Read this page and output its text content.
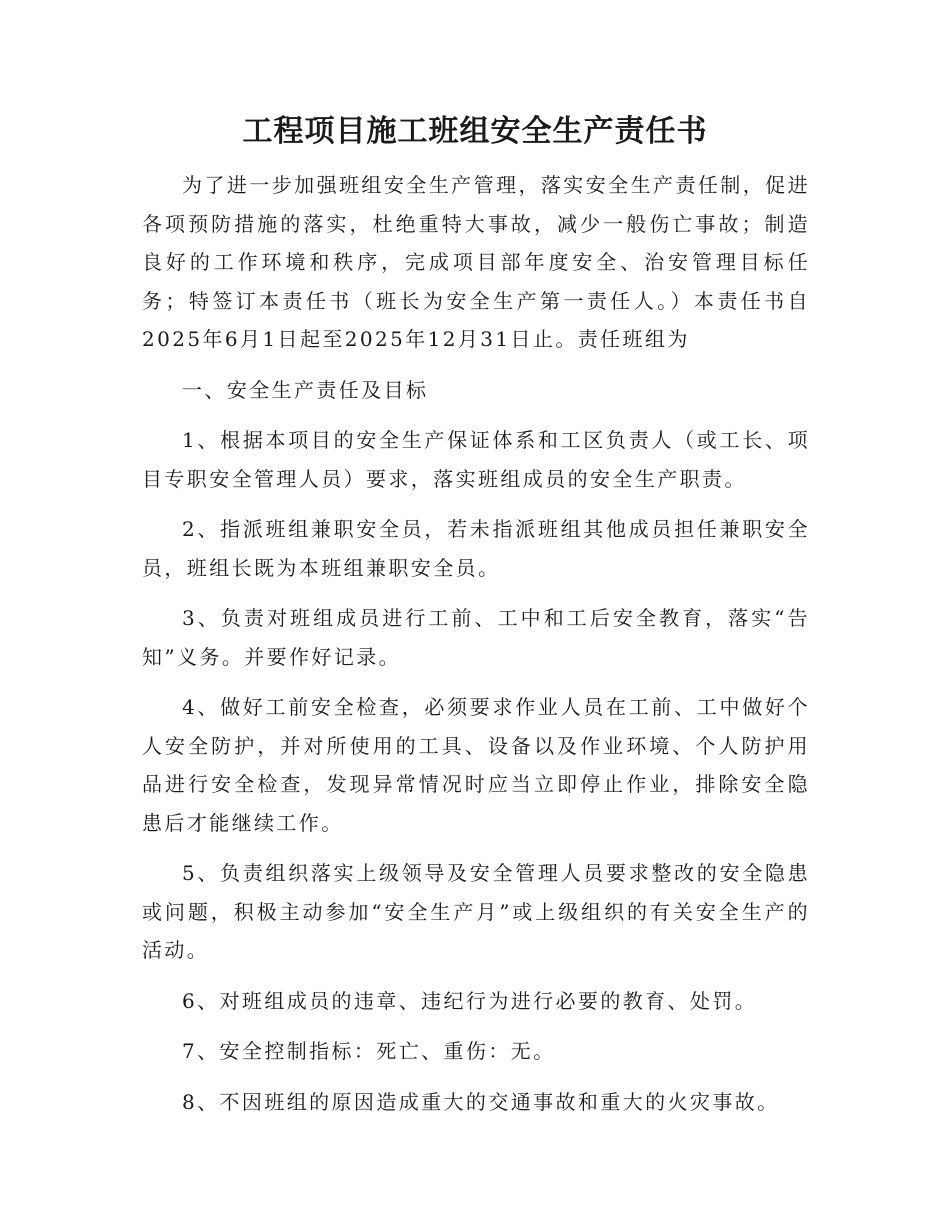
工程项目施工班组安全生产责任书

为了进一步加强班组安全生产管理，落实安全生产责任制，促进各项预防措施的落实，杜绝重特大事故，减少一般伤亡事故；制造良好的工作环境和秩序，完成项目部年度安全、治安管理目标任务；特签订本责任书（班长为安全生产第一责任人。）本责任书自2025年6月1日起至2025年12月31日止。责任班组为

一、安全生产责任及目标

1、根据本项目的安全生产保证体系和工区负责人（或工长、项目专职安全管理人员）要求，落实班组成员的安全生产职责。

2、指派班组兼职安全员，若未指派班组其他成员担任兼职安全员，班组长既为本班组兼职安全员。

3、负责对班组成员进行工前、工中和工后安全教育，落实“告知”义务。并要作好记录。

4、做好工前安全检查，必须要求作业人员在工前、工中做好个人安全防护，并对所使用的工具、设备以及作业环境、个人防护用品进行安全检查，发现异常情况时应当立即停止作业，排除安全隐患后才能继续工作。

5、负责组织落实上级领导及安全管理人员要求整改的安全隐患或问题，积极主动参加“安全生产月”或上级组织的有关安全生产的活动。

6、对班组成员的违章、违纪行为进行必要的教育、处罚。

7、安全控制指标：死亡、重伤：无。

8、不因班组的原因造成重大的交通事故和重大的火灾事故。
